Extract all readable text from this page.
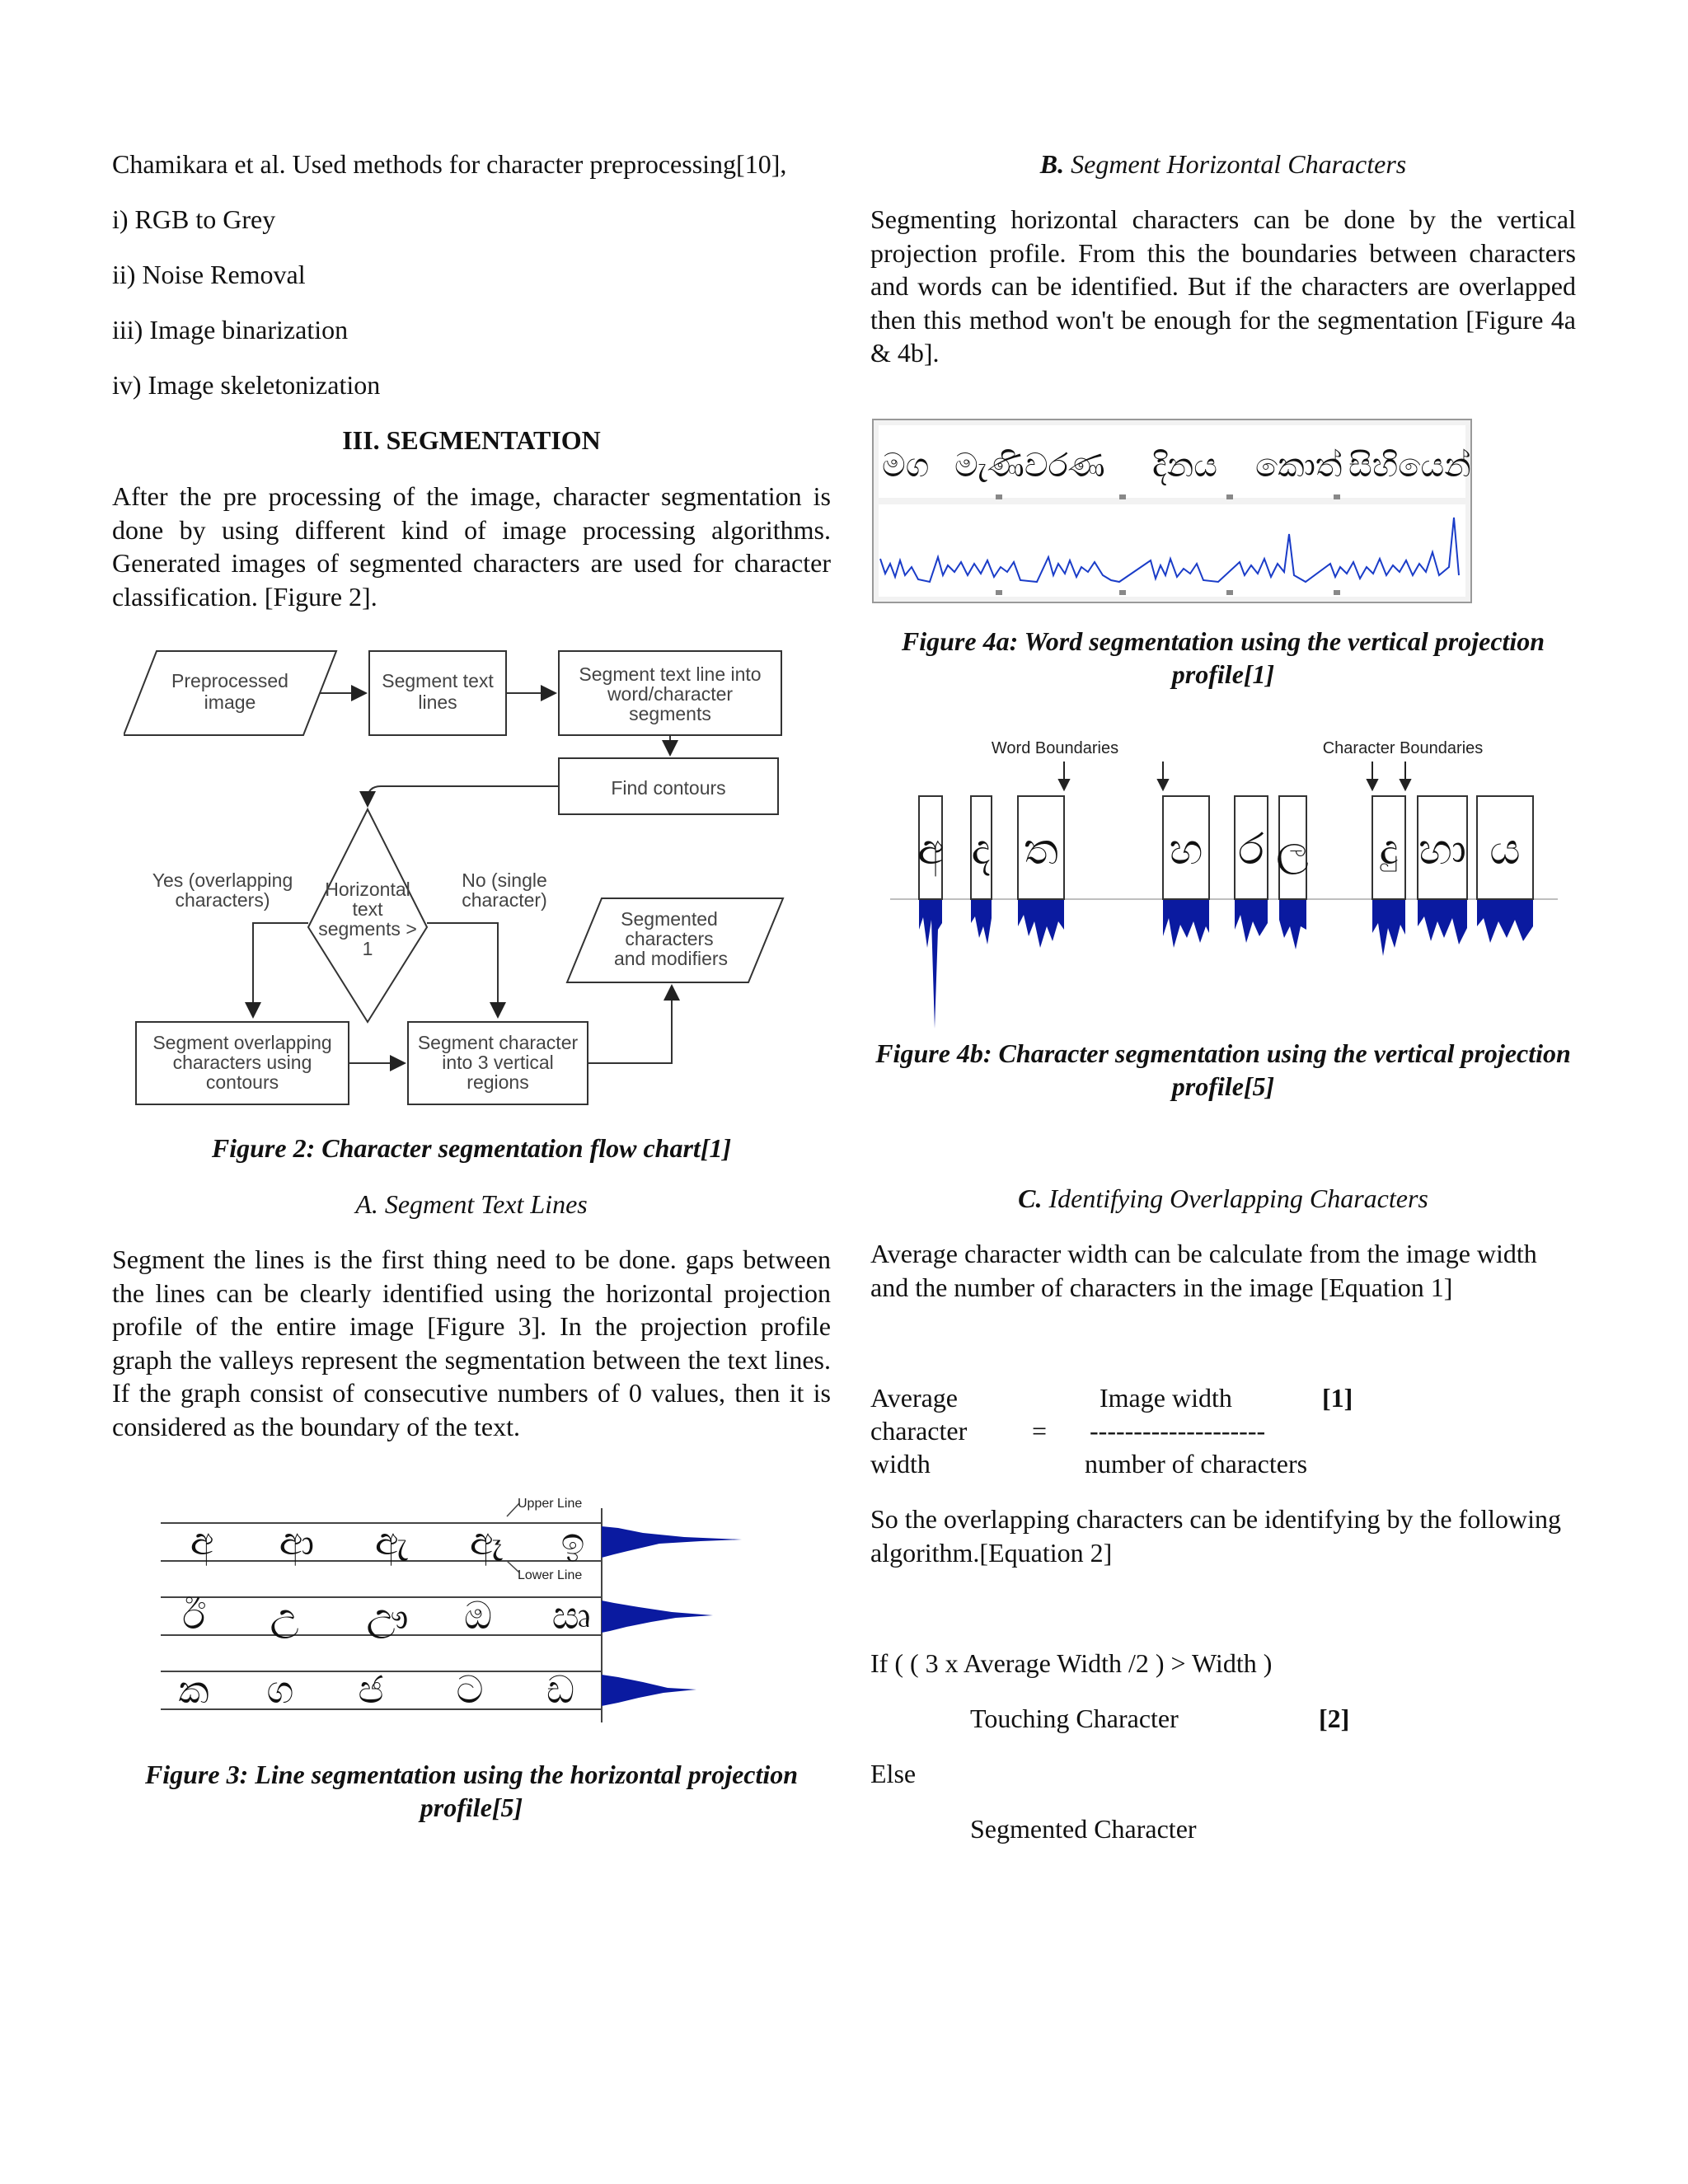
Chamikara et al. Used methods for character preprocessing[10],
i) RGB to Grey
ii) Noise Removal
iii) Image binarization
iv) Image skeletonization
III. SEGMENTATION
After the pre processing of the image, character segmentation is done by using different kind of image processing algorithms. Generated images of segmented characters are used for character classification. [Figure 2].
Preprocessed
image
Segment text
lines
Segment text line into
word/character
segments
Find contours
Horizontal
text
segments >
1
Yes (overlapping
characters)
No (single
character)
Segmented
characters
and modifiers
Segment overlapping
characters using
contours
Segment character
into 3 vertical
regions
Figure 2: Character segmentation flow chart[1]
A. Segment Text Lines
Segment the lines is the first thing need to be done. gaps between the lines can be clearly identified using the horizontal projection profile of the entire image [Figure 3]. In the projection profile graph the valleys represent the segmentation between the text lines. If the graph consist of consecutive numbers of 0 values, then it is considered as the boundary of the text.
අ ආ ඇ ඈ ඉ
ඊ උ ඌ ඔ ඍ
ක ග ජ ට ඩ
Upper Line
Lower Line
Figure 3: Line segmentation using the horizontal projection profile[5]
B. Segment Horizontal Characters
Segmenting horizontal characters can be done by the vertical projection profile. From this the boundaries between characters and words can be identified. But if the characters are overlapped then this method won't be enough for the segmentation [Figure 4a & 4b].
මග මැණිවරණ දිනය කොත් සිහියෙන්
Figure 4a: Word segmentation using the vertical projection profile[1]
Word Boundaries	Character Boundaries
අ ද ත	හ ර ල දු හා ය
Figure 4b: Character segmentation using the vertical projection profile[5]
C. Identifying Overlapping Characters
Average character width can be calculate from the image width and the number of characters in the image [Equation 1]
Average
character
width
=
Image width
--------------------
number of characters
[1]
So the overlapping characters can be identifying by the following algorithm.[Equation 2]
If ( ( 3 x Average Width /2 ) > Width )
Touching Character	[2]
Else
Segmented Character
